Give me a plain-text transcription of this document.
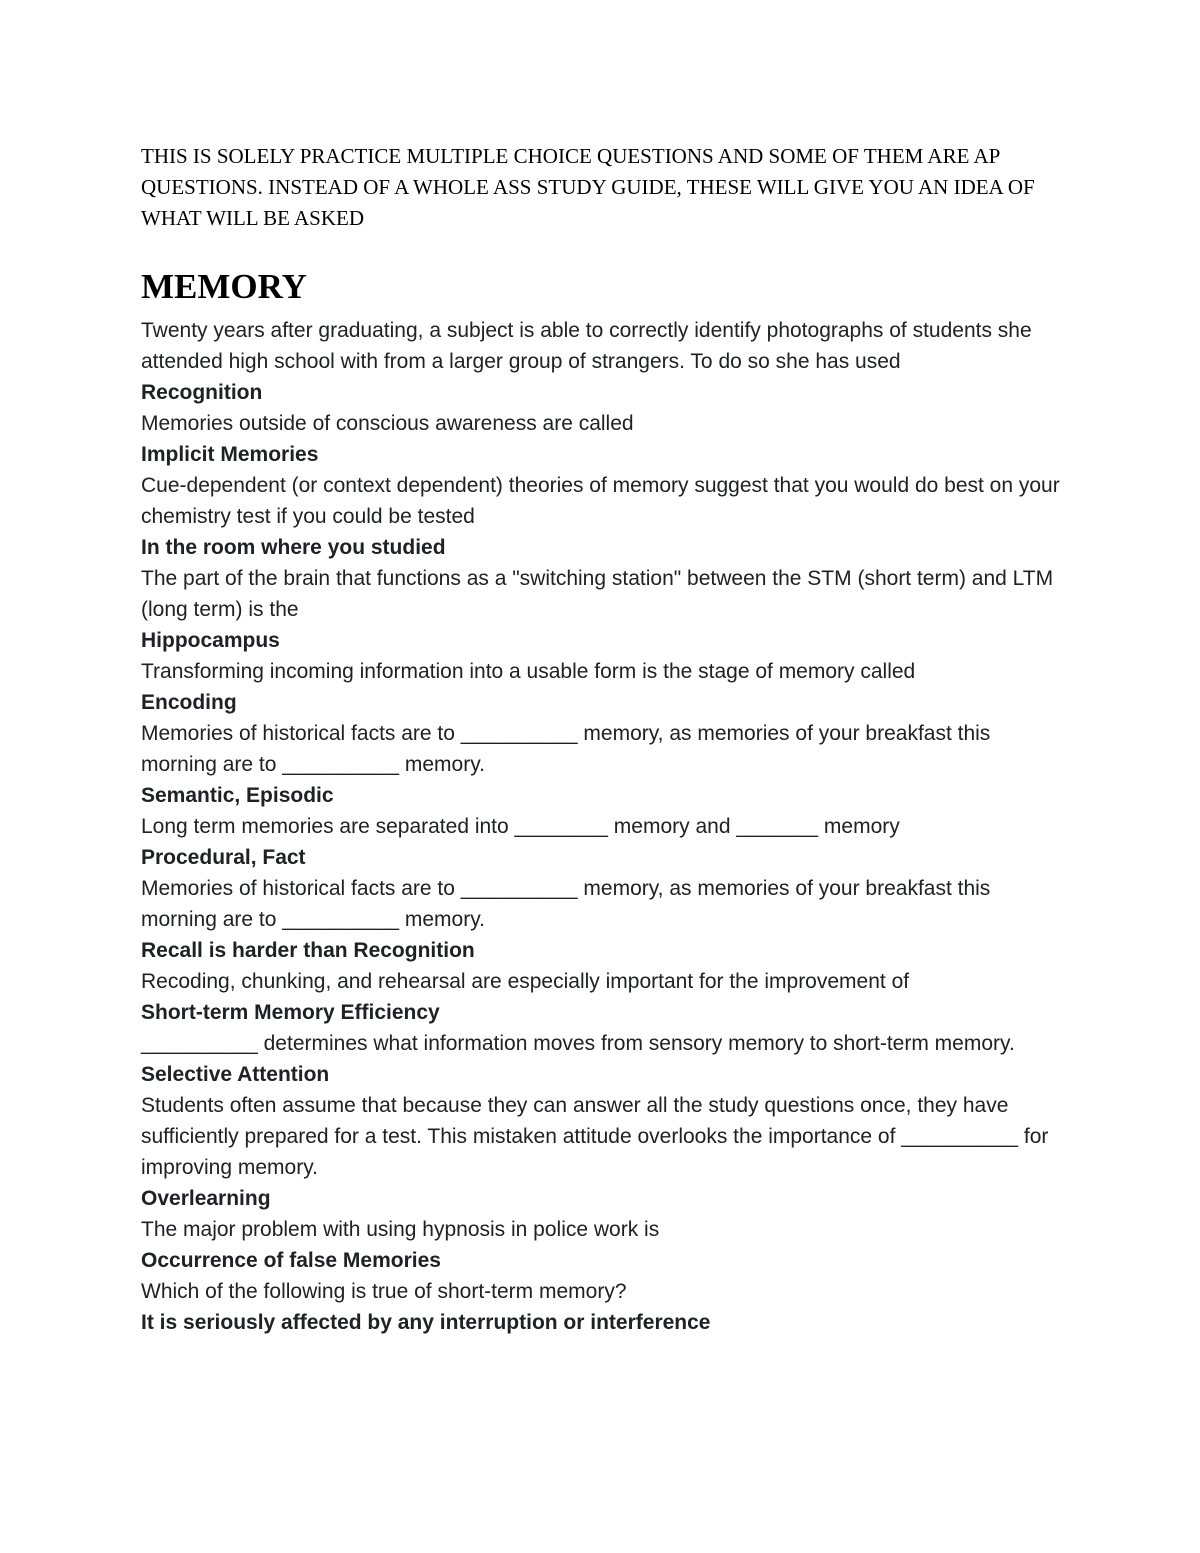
THIS IS SOLELY PRACTICE MULTIPLE CHOICE QUESTIONS AND SOME OF THEM ARE AP QUESTIONS. INSTEAD OF A WHOLE ASS STUDY GUIDE, THESE WILL GIVE YOU AN IDEA OF WHAT WILL BE ASKED

MEMORY

Twenty years after graduating, a subject is able to correctly identify photographs of students she attended high school with from a larger group of strangers. To do so she has used

Recognition

Memories outside of conscious awareness are called

Implicit Memories

Cue-dependent (or context dependent) theories of memory suggest that you would do best on your chemistry test if you could be tested

In the room where you studied

The part of the brain that functions as a "switching station" between the STM (short term) and LTM (long term) is the

Hippocampus

Transforming incoming information into a usable form is the stage of memory called

Encoding

Memories of historical facts are to __________ memory, as memories of your breakfast this morning are to __________ memory.

Semantic, Episodic

Long term memories are separated into ________ memory and _______ memory

Procedural, Fact

Memories of historical facts are to __________ memory, as memories of your breakfast this morning are to __________ memory.

Recall is harder than Recognition

Recoding, chunking, and rehearsal are especially important for the improvement of

Short-term Memory Efficiency

__________ determines what information moves from sensory memory to short-term memory.

Selective Attention

Students often assume that because they can answer all the study questions once, they have sufficiently prepared for a test. This mistaken attitude overlooks the importance of __________ for improving memory.

Overlearning

The major problem with using hypnosis in police work is

Occurrence of false Memories

Which of the following is true of short-term memory?

It is seriously affected by any interruption or interference
